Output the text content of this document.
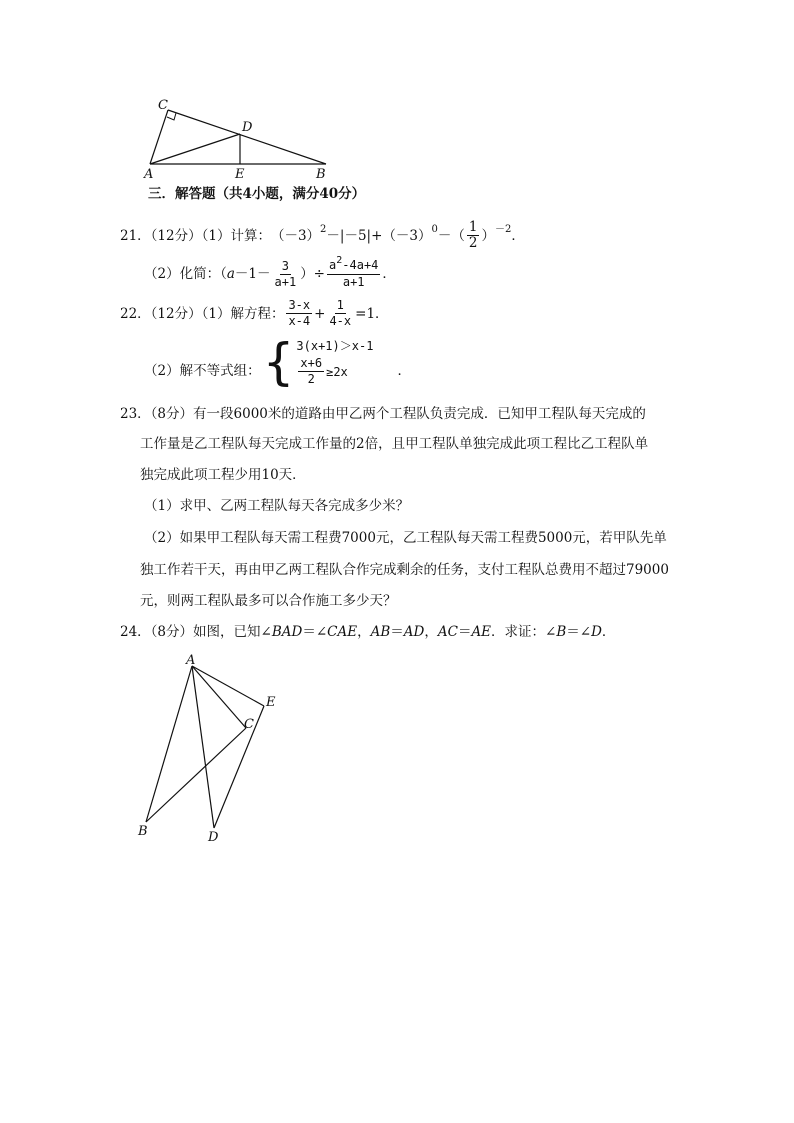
C
D
A	E	B
三．解答题（共4小题，满分40分）
21．（12分）（1）计算： （－3） 2 －|－5|+（－3） 0 －（ $\frac{1}{2}$ ） －2 ．
（2）化简：（ $a -1- \frac{3}{a+1}$ ）÷ $\frac{a^2-4a+4}{a+1}$ ．
22．（12分）（1）解方程： $\frac{3-x}{x-4} + \frac{1}{4-x} =1$．
（2）解不等式组： { 3(x+1)＞x-1
$\frac{x+6}{2} \ge 2x$	．
23．（8分）有一段6000米的道路由甲乙两个工程队负责完成．已知甲工程队每天完成的
工作量是乙工程队每天完成工作量的2倍，且甲工程队单独完成此项工程比乙工程队单
独完成此项工程少用10天．
（1）求甲、乙两工程队每天各完成多少米？
（2）如果甲工程队每天需工程费7000元，乙工程队每天需工程费5000元，若甲队先单
独工作若干天，再由甲乙两工程队合作完成剩余的任务，支付工程队总费用不超过79000
元，则两工程队最多可以合作施工多少天？
24．（8分）如图，已知∠BAD＝∠CAE，AB＝AD，AC＝AE．求证：∠B＝∠D．
A
E
C
B	D
